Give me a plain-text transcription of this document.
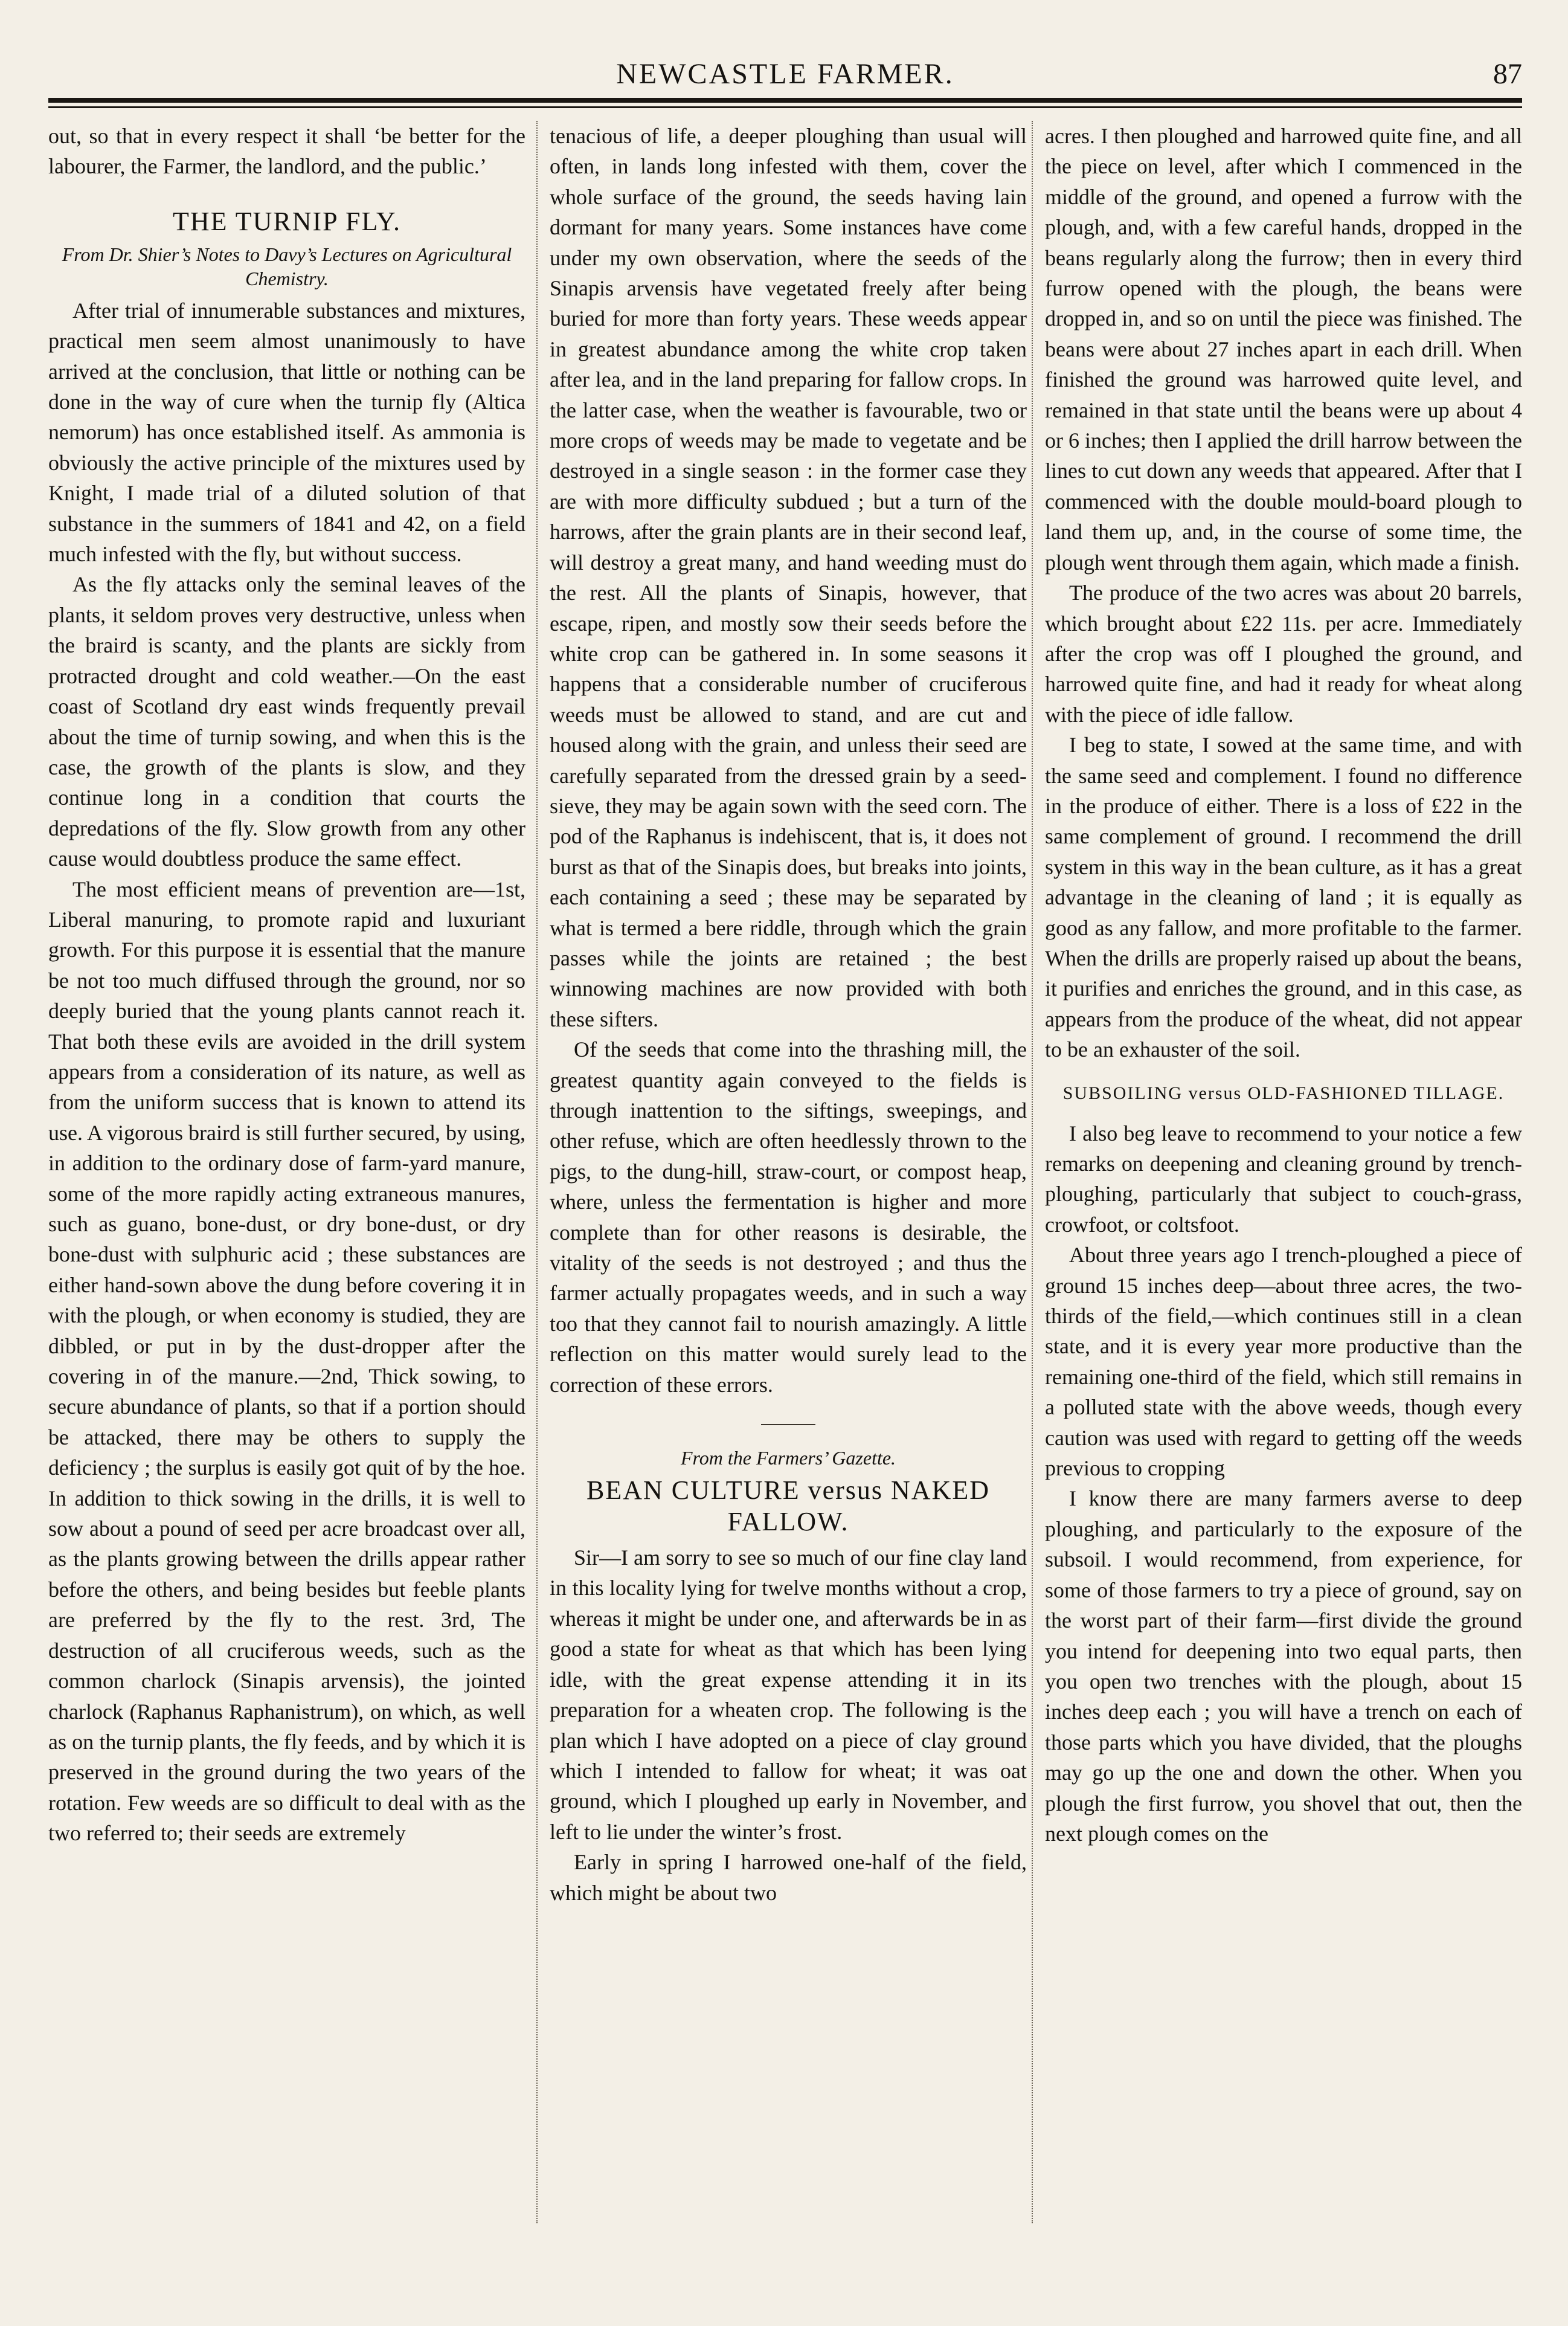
NEWCASTLE FARMER.	87

out, so that in every respect it shall ‘be better for the labourer, the Farmer, the landlord, and the public.’

THE TURNIP FLY.
From Dr. Shier’s Notes to Davy’s Lectures on Agricultural Chemistry.

After trial of innumerable substances and mixtures, practical men seem almost unanimously to have arrived at the conclusion, that little or nothing can be done in the way of cure when the turnip fly (Altica nemorum) has once established itself. As ammonia is obviously the active principle of the mixtures used by Knight, I made trial of a diluted solution of that substance in the summers of 1841 and 42, on a field much infested with the fly, but without success.

As the fly attacks only the seminal leaves of the plants, it seldom proves very destructive, unless when the braird is scanty, and the plants are sickly from protracted drought and cold weather.—On the east coast of Scotland dry east winds frequently prevail about the time of turnip sowing, and when this is the case, the growth of the plants is slow, and they continue long in a condition that courts the depredations of the fly. Slow growth from any other cause would doubtless produce the same effect.

The most efficient means of prevention are—1st, Liberal manuring, to promote rapid and luxuriant growth. For this purpose it is essential that the manure be not too much diffused through the ground, nor so deeply buried that the young plants cannot reach it. That both these evils are avoided in the drill system appears from a consideration of its nature, as well as from the uniform success that is known to attend its use. A vigorous braird is still further secured, by using, in addition to the ordinary dose of farm-yard manure, some of the more rapidly acting extraneous manures, such as guano, bone-dust, or dry bone-dust, or dry bone-dust with sulphuric acid ; these substances are either hand-sown above the dung before covering it in with the plough, or when economy is studied, they are dibbled, or put in by the dust-dropper after the covering in of the manure.—2nd, Thick sowing, to secure abundance of plants, so that if a portion should be attacked, there may be others to supply the deficiency ; the surplus is easily got quit of by the hoe. In addition to thick sowing in the drills, it is well to sow about a pound of seed per acre broadcast over all, as the plants growing between the drills appear rather before the others, and being besides but feeble plants are preferred by the fly to the rest. 3rd, The destruction of all cruciferous weeds, such as the common charlock (Sinapis arvensis), the jointed charlock (Raphanus Raphanistrum), on which, as well as on the turnip plants, the fly feeds, and by which it is preserved in the ground during the two years of the rotation. Few weeds are so difficult to deal with as the two referred to; their seeds are extremely

tenacious of life, a deeper ploughing than usual will often, in lands long infested with them, cover the whole surface of the ground, the seeds having lain dormant for many years. Some instances have come under my own observation, where the seeds of the Sinapis arvensis have vegetated freely after being buried for more than forty years. These weeds appear in greatest abundance among the white crop taken after lea, and in the land preparing for fallow crops. In the latter case, when the weather is favourable, two or more crops of weeds may be made to vegetate and be destroyed in a single season : in the former case they are with more difficulty subdued ; but a turn of the harrows, after the grain plants are in their second leaf, will destroy a great many, and hand weeding must do the rest. All the plants of Sinapis, however, that escape, ripen, and mostly sow their seeds before the white crop can be gathered in. In some seasons it happens that a considerable number of cruciferous weeds must be allowed to stand, and are cut and housed along with the grain, and unless their seed are carefully separated from the dressed grain by a seed-sieve, they may be again sown with the seed corn. The pod of the Raphanus is indehiscent, that is, it does not burst as that of the Sinapis does, but breaks into joints, each containing a seed ; these may be separated by what is termed a bere riddle, through which the grain passes while the joints are retained ; the best winnowing machines are now provided with both these sifters.

Of the seeds that come into the thrashing mill, the greatest quantity again conveyed to the fields is through inattention to the siftings, sweepings, and other refuse, which are often heedlessly thrown to the pigs, to the dung-hill, straw-court, or compost heap, where, unless the fermentation is higher and more complete than for other reasons is desirable, the vitality of the seeds is not destroyed ; and thus the farmer actually propagates weeds, and in such a way too that they cannot fail to nourish amazingly. A little reflection on this matter would surely lead to the correction of these errors.

From the Farmers’ Gazette.
BEAN CULTURE versus NAKED FALLOW.

Sir—I am sorry to see so much of our fine clay land in this locality lying for twelve months without a crop, whereas it might be under one, and afterwards be in as good a state for wheat as that which has been lying idle, with the great expense attending it in its preparation for a wheaten crop. The following is the plan which I have adopted on a piece of clay ground which I intended to fallow for wheat; it was oat ground, which I ploughed up early in November, and left to lie under the winter’s frost.

Early in spring I harrowed one-half of the field, which might be about two

acres. I then ploughed and harrowed quite fine, and all the piece on level, after which I commenced in the middle of the ground, and opened a furrow with the plough, and, with a few careful hands, dropped in the beans regularly along the furrow; then in every third furrow opened with the plough, the beans were dropped in, and so on until the piece was finished. The beans were about 27 inches apart in each drill. When finished the ground was harrowed quite level, and remained in that state until the beans were up about 4 or 6 inches; then I applied the drill harrow between the lines to cut down any weeds that appeared. After that I commenced with the double mould-board plough to land them up, and, in the course of some time, the plough went through them again, which made a finish.

The produce of the two acres was about 20 barrels, which brought about £22 11s. per acre. Immediately after the crop was off I ploughed the ground, and harrowed quite fine, and had it ready for wheat along with the piece of idle fallow.

I beg to state, I sowed at the same time, and with the same seed and complement. I found no difference in the produce of either. There is a loss of £22 in the same complement of ground. I recommend the drill system in this way in the bean culture, as it has a great advantage in the cleaning of land ; it is equally as good as any fallow, and more profitable to the farmer. When the drills are properly raised up about the beans, it purifies and enriches the ground, and in this case, as appears from the produce of the wheat, did not appear to be an exhauster of the soil.

SUBSOILING versus OLD-FASHIONED TILLAGE.

I also beg leave to recommend to your notice a few remarks on deepening and cleaning ground by trench-ploughing, particularly that subject to couch-grass, crowfoot, or coltsfoot.

About three years ago I trench-ploughed a piece of ground 15 inches deep—about three acres, the two-thirds of the field,—which continues still in a clean state, and it is every year more productive than the remaining one-third of the field, which still remains in a polluted state with the above weeds, though every caution was used with regard to getting off the weeds previous to cropping

I know there are many farmers averse to deep ploughing, and particularly to the exposure of the subsoil. I would recommend, from experience, for some of those farmers to try a piece of ground, say on the worst part of their farm—first divide the ground you intend for deepening into two equal parts, then you open two trenches with the plough, about 15 inches deep each ; you will have a trench on each of those parts which you have divided, that the ploughs may go up the one and down the other. When you plough the first furrow, you shovel that out, then the next plough comes on the
